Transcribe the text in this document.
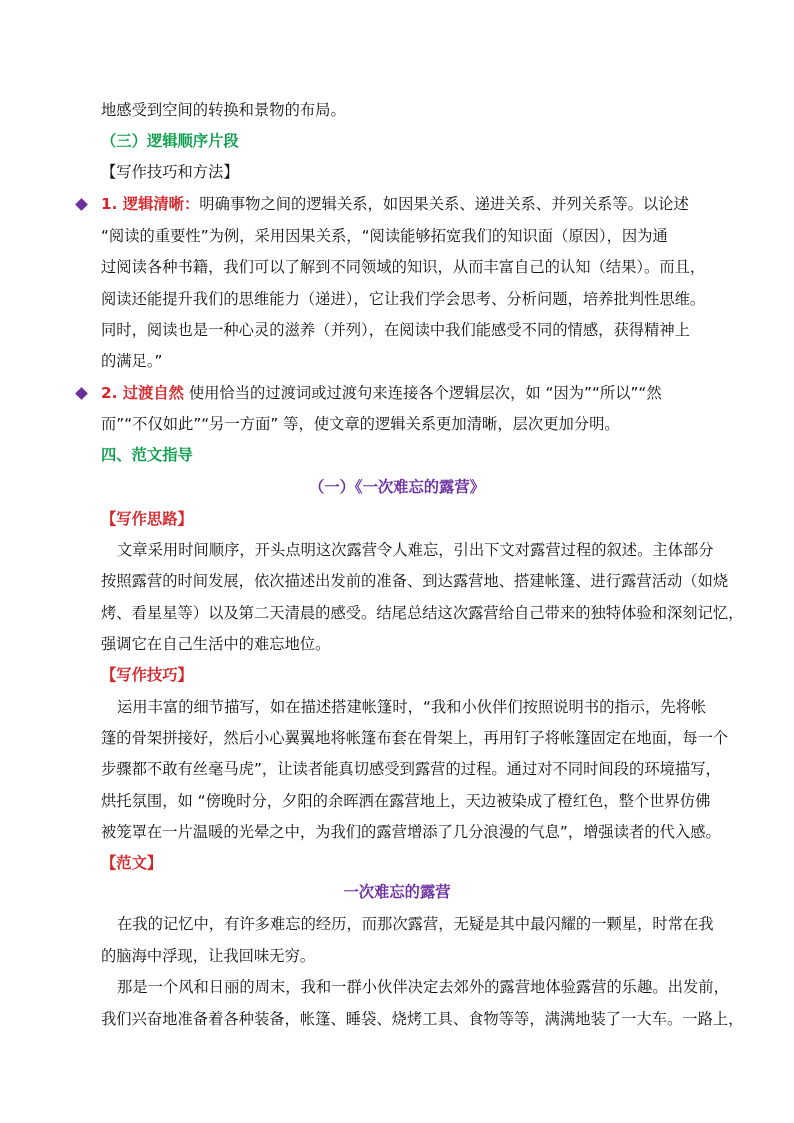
地感受到空间的转换和景物的布局。
（三）逻辑顺序片段
【写作技巧和方法】
1. 逻辑清晰：明确事物之间的逻辑关系，如因果关系、递进关系、并列关系等。以论述
“阅读的重要性”为例，采用因果关系，“阅读能够拓宽我们的知识面（原因），因为通
过阅读各种书籍，我们可以了解到不同领域的知识，从而丰富自己的认知（结果）。而且，
阅读还能提升我们的思维能力（递进），它让我们学会思考、分析问题，培养批判性思维。
同时，阅读也是一种心灵的滋养（并列），在阅读中我们能感受不同的情感，获得精神上
的满足。”
2. 过渡自然 使用恰当的过渡词或过渡句来连接各个逻辑层次，如 “因为”“所以”“然
而”“不仅如此”“另一方面” 等，使文章的逻辑关系更加清晰，层次更加分明。
四、范文指导
（一）《一次难忘的露营》
【写作思路】
文章采用时间顺序，开头点明这次露营令人难忘，引出下文对露营过程的叙述。主体部分
按照露营的时间发展，依次描述出发前的准备、到达露营地、搭建帐篷、进行露营活动（如烧
烤、看星星等）以及第二天清晨的感受。结尾总结这次露营给自己带来的独特体验和深刻记忆，
强调它在自己生活中的难忘地位。
【写作技巧】
运用丰富的细节描写，如在描述搭建帐篷时，“我和小伙伴们按照说明书的指示，先将帐
篷的骨架拼接好，然后小心翼翼地将帐篷布套在骨架上，再用钉子将帐篷固定在地面，每一个
步骤都不敢有丝毫马虎”，让读者能真切感受到露营的过程。通过对不同时间段的环境描写，
烘托氛围，如 “傍晚时分，夕阳的余晖洒在露营地上，天边被染成了橙红色，整个世界仿佛
被笼罩在一片温暖的光晕之中，为我们的露营增添了几分浪漫的气息”，增强读者的代入感。
【范文】
一次难忘的露营
在我的记忆中，有许多难忘的经历，而那次露营，无疑是其中最闪耀的一颗星，时常在我
的脑海中浮现，让我回味无穷。
那是一个风和日丽的周末，我和一群小伙伴决定去郊外的露营地体验露营的乐趣。出发前，
我们兴奋地准备着各种装备，帐篷、睡袋、烧烤工具、食物等等，满满地装了一大车。一路上，
